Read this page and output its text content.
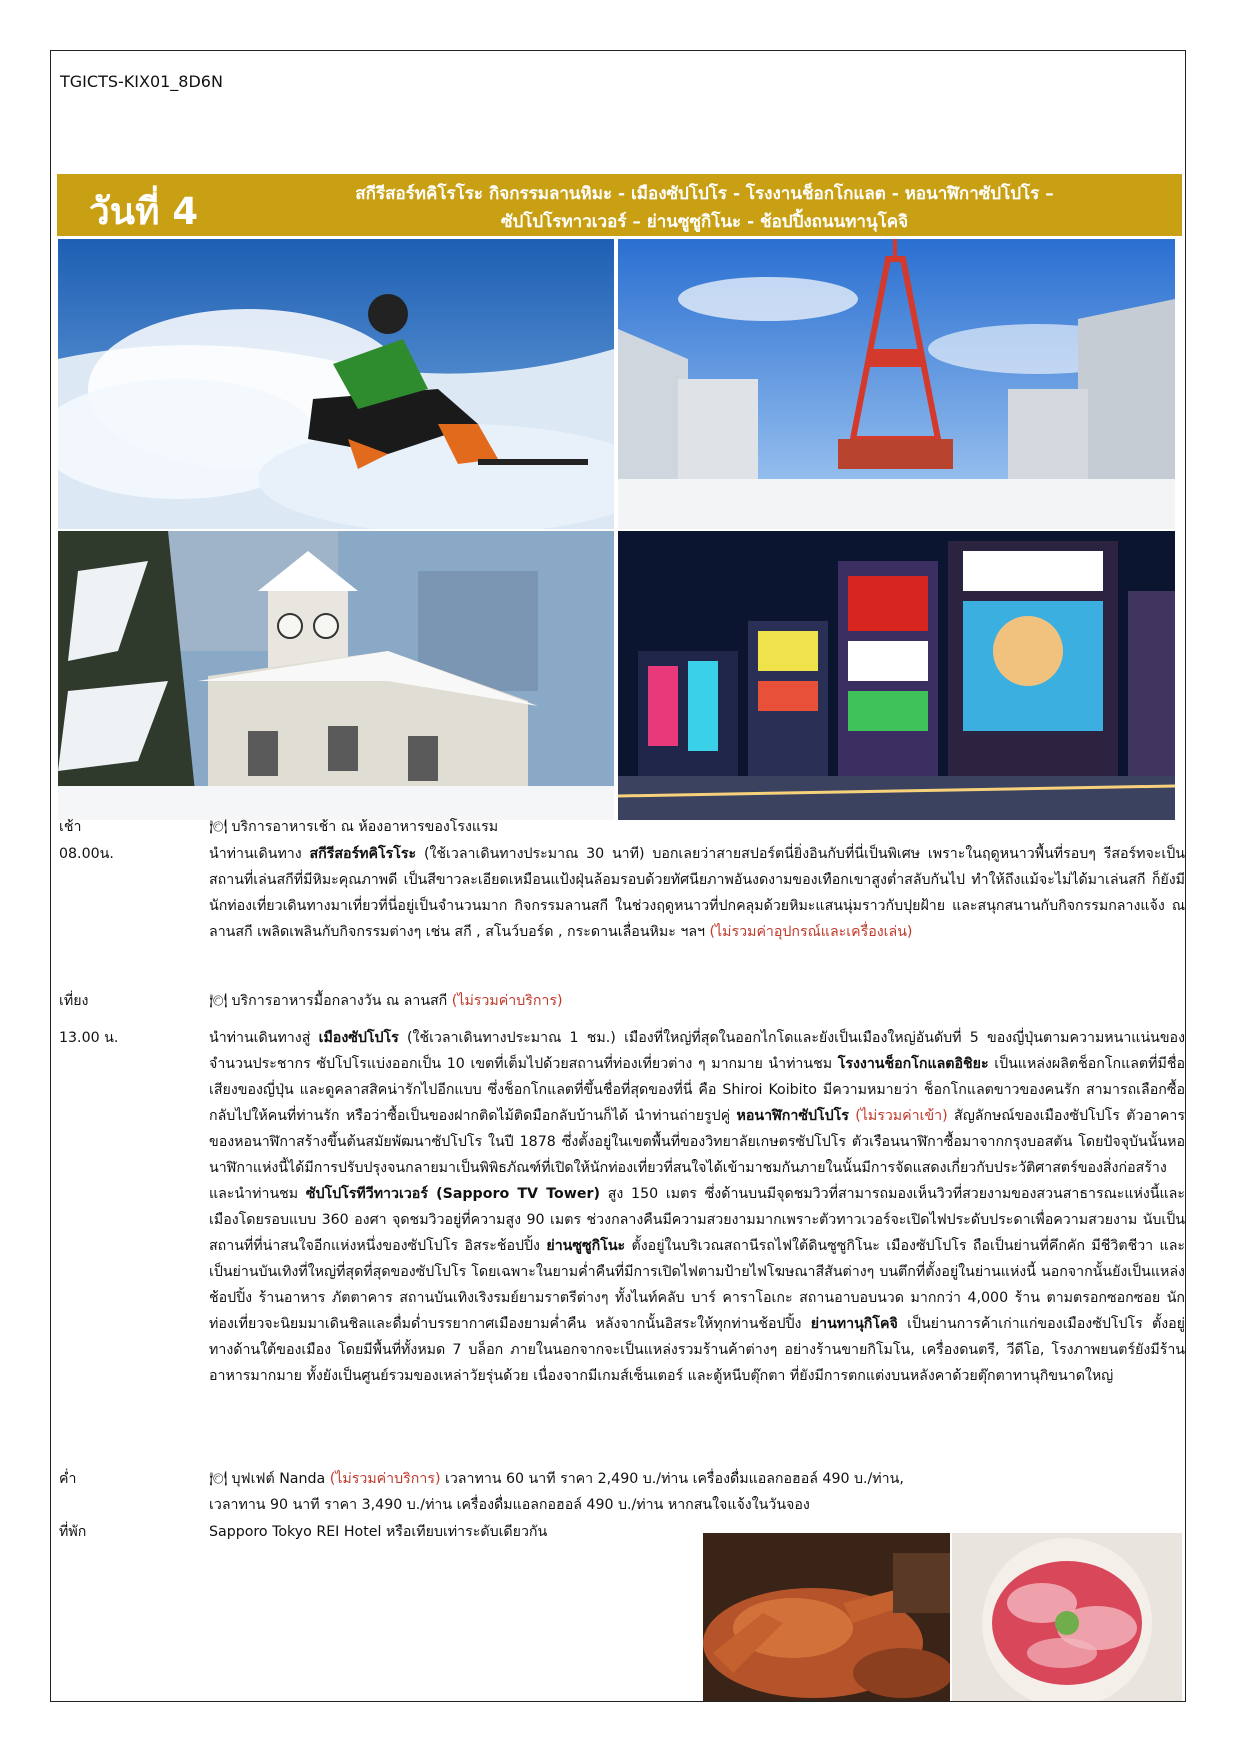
TGICTS-KIX01_8D6N
วันที่ 4	สกีรีสอร์ทคิโรโระ กิจกรรมลานหิมะ - เมืองซัปโปโร - โรงงานช็อกโกแลต - หอนาฬิกาซัปโปโร –
ซัปโปโรทาวเวอร์ – ย่านซูซูกิโนะ - ช้อปปิ้งถนนทานุโคจิ
เช้า	🍽 บริการอาหารเช้า ณ ห้องอาหารของโรงแรม
08.00น.	นำท่านเดินทาง สกีรีสอร์ทคิโรโระ (ใช้เวลาเดินทางประมาณ 30 นาที) บอกเลยว่าสายสปอร์ตนี่ยิ่งอินกับที่นี่เป็นพิเศษ เพราะในฤดูหนาวพื้นที่รอบๆ รีสอร์ทจะเป็นสถานที่เล่นสกีที่มีหิมะคุณภาพดี เป็นสีขาวละเอียดเหมือนแป้งฝุ่นล้อมรอบด้วยทัศนียภาพอันงดงามของเทือกเขาสูงต่ำสลับกันไป ทำให้ถึงแม้จะไม่ได้มาเล่นสกี ก็ยังมีนักท่องเที่ยวเดินทางมาเที่ยวที่นี่อยู่เป็นจำนวนมาก กิจกรรมลานสกี ในช่วงฤดูหนาวที่ปกคลุมด้วยหิมะแสนนุ่มราวกับปุยฝ้าย และสนุกสนานกับกิจกรรมกลางแจ้ง ณ ลานสกี เพลิดเพลินกับกิจกรรมต่างๆ เช่น สกี , สโนว์บอร์ด , กระดานเลื่อนหิมะ ฯลฯ (ไม่รวมค่าอุปกรณ์และเครื่องเล่น)
เที่ยง	🍽 บริการอาหารมื้อกลางวัน ณ ลานสกี (ไม่รวมค่าบริการ)
13.00 น.	นำท่านเดินทางสู่ เมืองซัปโปโร (ใช้เวลาเดินทางประมาณ 1 ชม.) เมืองที่ใหญ่ที่สุดในออกไกโดและยังเป็นเมืองใหญ่อันดับที่ 5 ของญี่ปุ่นตามความหนาแน่นของจำนวนประชากร ซัปโปโรแบ่งออกเป็น 10 เขตที่เต็มไปด้วยสถานที่ท่องเที่ยวต่าง ๆ มากมาย นำท่านชม โรงงานช็อกโกแลตอิชิยะ เป็นแหล่งผลิตช็อกโกแลตที่มีชื่อเสียงของญี่ปุ่น และดูคลาสสิคน่ารักไปอีกแบบ ซึ่งช็อกโกแลตที่ขึ้นชื่อที่สุดของที่นี่ คือ Shiroi Koibito มีความหมายว่า ช็อกโกแลตขาวของคนรัก สามารถเลือกซื้อกลับไปให้คนที่ท่านรัก หรือว่าซื้อเป็นของฝากติดไม้ติดมือกลับบ้านก็ได้ นำท่านถ่ายรูปคู่ หอนาฬิกาซัปโปโร (ไม่รวมค่าเข้า) สัญลักษณ์ของเมืองซัปโปโร ตัวอาคารของหอนาฬิกาสร้างขึ้นต้นสมัยพัฒนาซัปโปโร ในปี 1878 ซึ่งตั้งอยู่ในเขตพื้นที่ของวิทยาลัยเกษตรซัปโปโร ตัวเรือนนาฬิกาซื้อมาจากกรุงบอสตัน โดยปัจจุบันนั้นหอนาฬิกาแห่งนี้ได้มีการปรับปรุงจนกลายมาเป็นพิพิธภัณฑ์ที่เปิดให้นักท่องเที่ยวที่สนใจได้เข้ามาชมกันภายในนั้นมีการจัดแสดงเกี่ยวกับประวัติศาสตร์ของสิ่งก่อสร้าง และนำท่านชม ซัปโปโรทีวีทาวเวอร์ (Sapporo TV Tower) สูง 150 เมตร ซึ่งด้านบนมีจุดชมวิวที่สามารถมองเห็นวิวที่สวยงามของสวนสาธารณะแห่งนี้และเมืองโดยรอบแบบ 360 องศา จุดชมวิวอยู่ที่ความสูง 90 เมตร ช่วงกลางคืนมีความสวยงามมากเพราะตัวทาวเวอร์จะเปิดไฟประดับประดาเพื่อความสวยงาม นับเป็นสถานที่ที่น่าสนใจอีกแห่งหนึ่งของซัปโปโร อิสระช้อปปิ้ง ย่านซูซูกิโนะ ตั้งอยู่ในบริเวณสถานีรถไฟใต้ดินซูซูกิโนะ เมืองซัปโปโร ถือเป็นย่านที่คึกคัก มีชีวิตชีวา และเป็นย่านบันเทิงที่ใหญ่ที่สุดที่สุดของซัปโปโร โดยเฉพาะในยามค่ำคืนที่มีการเปิดไฟตามป้ายไฟโฆษณาสีสันต่างๆ บนตึกที่ตั้งอยู่ในย่านแห่งนี้ นอกจากนั้นยังเป็นแหล่งช้อปปิ้ง ร้านอาหาร ภัตตาคาร สถานบันเทิงเริงรมย์ยามราตรีต่างๆ ทั้งไนท์คลับ บาร์ คาราโอเกะ สถานอาบอบนวด มากกว่า 4,000 ร้าน ตามตรอกซอกซอย นักท่องเที่ยวจะนิยมมาเดินชิลและดื่มด่ำบรรยากาศเมืองยามค่ำคืน หลังจากนั้นอิสระให้ทุกท่านช้อปปิ้ง ย่านทานุกิโคจิ เป็นย่านการค้าเก่าแก่ของเมืองซัปโปโร ตั้งอยู่ทางด้านใต้ของเมือง โดยมีพื้นที่ทั้งหมด 7 บล็อก ภายในนอกจากจะเป็นแหล่งรวมร้านค้าต่างๆ อย่างร้านขายกิโมโน, เครื่องดนตรี, วีดีโอ, โรงภาพยนตร์ยังมีร้านอาหารมากมาย ทั้งยังเป็นศูนย์รวมของเหล่าวัยรุ่นด้วย เนื่องจากมีเกมส์เซ็นเตอร์ และตู้หนีบตุ๊กตา ที่ยังมีการตกแต่งบนหลังคาด้วยตุ๊กตาทานุกิขนาดใหญ่
ค่ำ	🍽 บุฟเฟต์ Nanda (ไม่รวมค่าบริการ) เวลาทาน 60 นาที ราคา 2,490 บ./ท่าน เครื่องดื่มแอลกอฮอล์ 490 บ./ท่าน,
เวลาทาน 90 นาที ราคา 3,490 บ./ท่าน เครื่องดื่มแอลกอฮอล์ 490 บ./ท่าน หากสนใจแจ้งในวันจอง
ที่พัก	Sapporo Tokyo REI Hotel หรือเทียบเท่าระดับเดียวกัน
